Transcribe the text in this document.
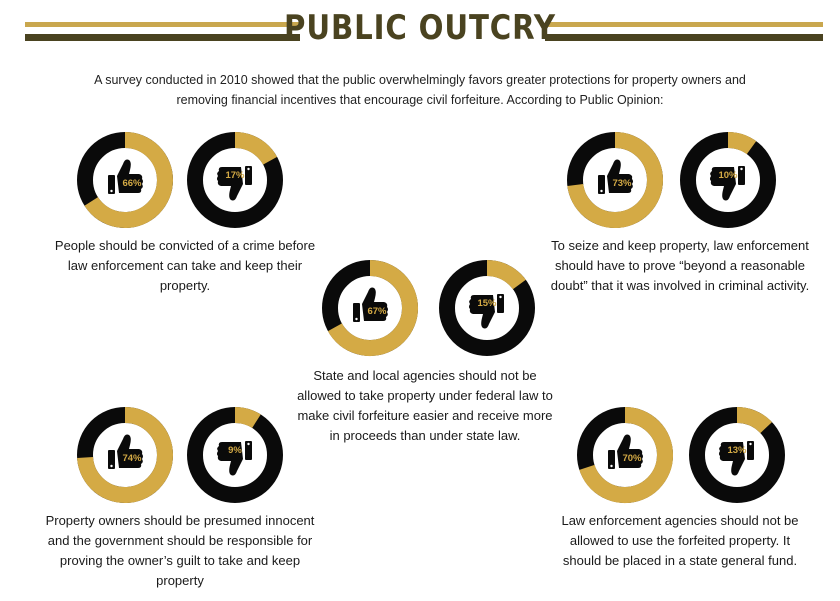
PUBLIC OUTCRY
A survey conducted in 2010 showed that the public overwhelmingly favors greater protections for property owners and
removing financial incentives that encourage civil forfeiture. According to Public Opinion:
66%
17%
People should be convicted of a crime before
law enforcement can take and keep their
property.
73%
10%
To seize and keep property, law enforcement
should have to prove “beyond a reasonable
doubt” that it was involved in criminal activity.
67%
15%
State and local agencies should not be
allowed to take property under federal law to
make civil forfeiture easier and receive more
in proceeds than under state law.
74%
9%
Property owners should be presumed innocent
and the government should be responsible for
proving the owner’s guilt to take and keep
property
70%
13%
Law enforcement agencies should not be
allowed to use the forfeited property. It
should be placed in a state general fund.
